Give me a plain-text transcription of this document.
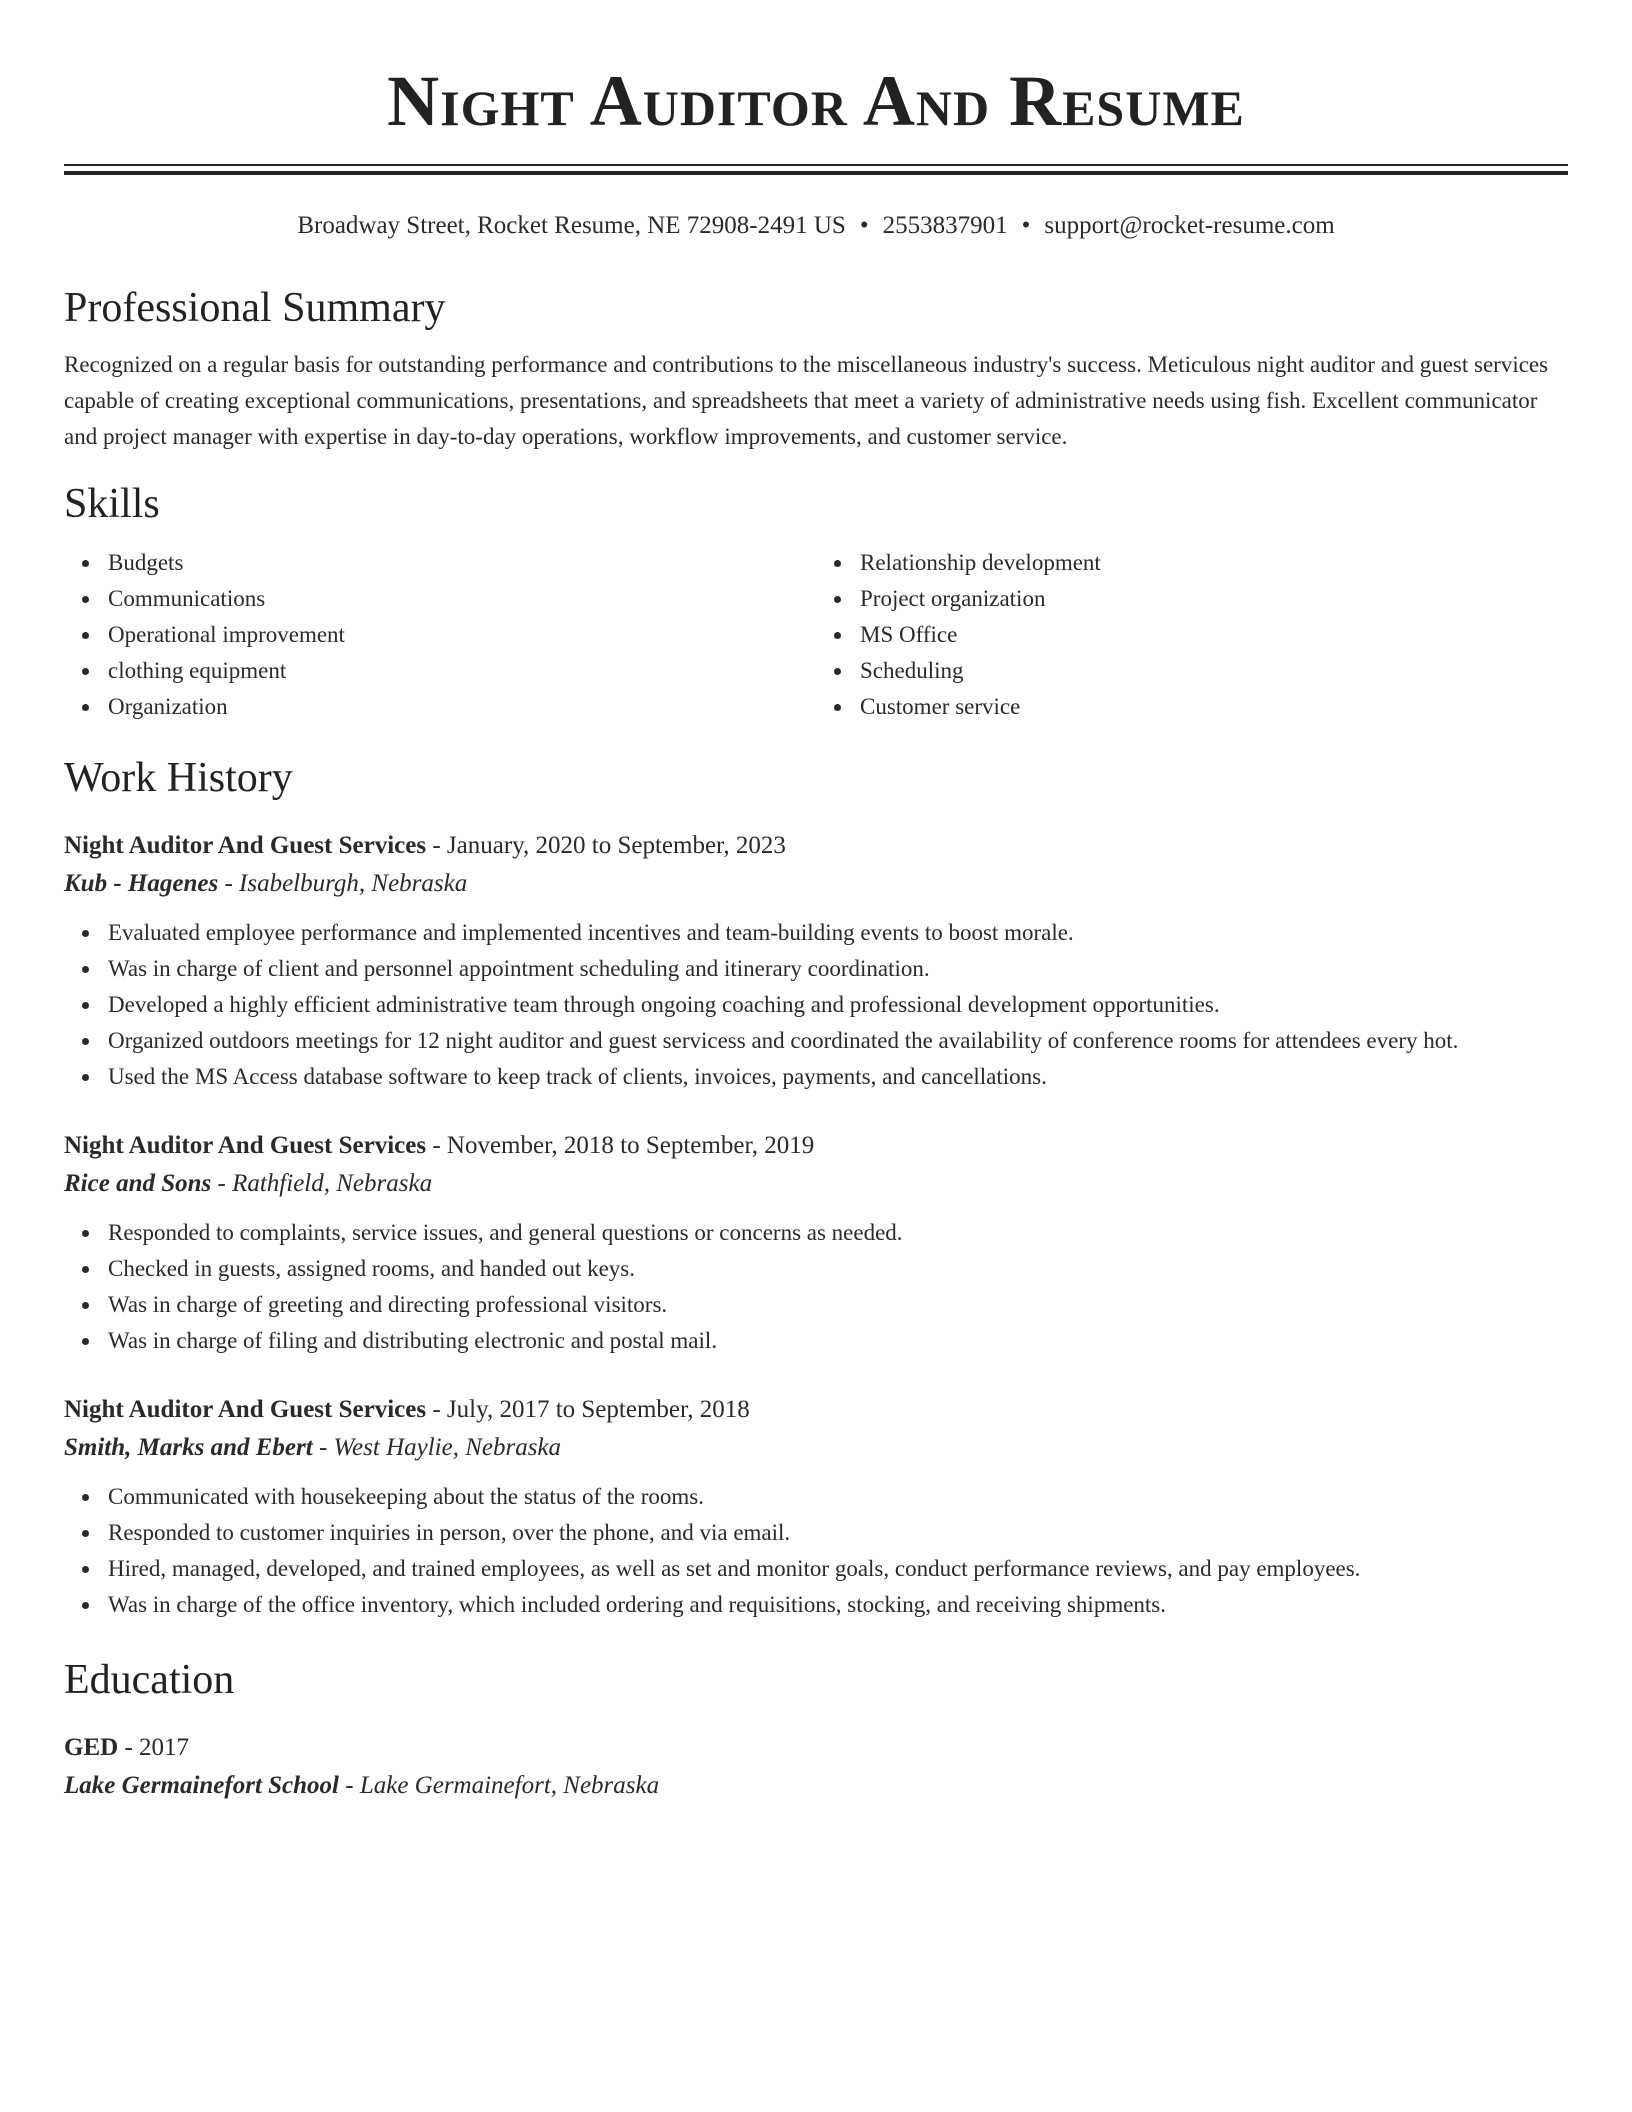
Night Auditor And Resume
Broadway Street, Rocket Resume, NE 72908-2491 US • 2553837901 • support@rocket-resume.com
Professional Summary

Recognized on a regular basis for outstanding performance and contributions to the miscellaneous industry's success. Meticulous night auditor and guest services capable of creating exceptional communications, presentations, and spreadsheets that meet a variety of administrative needs using fish. Excellent communicator and project manager with expertise in day-to-day operations, workflow improvements, and customer service.

Skills
Budgets
Communications
Operational improvement
clothing equipment
Organization
Relationship development
Project organization
MS Office
Scheduling
Customer service
Work History
Night Auditor And Guest Services - January, 2020 to September, 2023
Kub - Hagenes - Isabelburgh, Nebraska
Evaluated employee performance and implemented incentives and team-building events to boost morale.
Was in charge of client and personnel appointment scheduling and itinerary coordination.
Developed a highly efficient administrative team through ongoing coaching and professional development opportunities.
Organized outdoors meetings for 12 night auditor and guest servicess and coordinated the availability of conference rooms for attendees every hot.
Used the MS Access database software to keep track of clients, invoices, payments, and cancellations.
Night Auditor And Guest Services - November, 2018 to September, 2019
Rice and Sons - Rathfield, Nebraska
Responded to complaints, service issues, and general questions or concerns as needed.
Checked in guests, assigned rooms, and handed out keys.
Was in charge of greeting and directing professional visitors.
Was in charge of filing and distributing electronic and postal mail.
Night Auditor And Guest Services - July, 2017 to September, 2018
Smith, Marks and Ebert - West Haylie, Nebraska
Communicated with housekeeping about the status of the rooms.
Responded to customer inquiries in person, over the phone, and via email.
Hired, managed, developed, and trained employees, as well as set and monitor goals, conduct performance reviews, and pay employees.
Was in charge of the office inventory, which included ordering and requisitions, stocking, and receiving shipments.
Education
GED - 2017
Lake Germainefort School - Lake Germainefort, Nebraska
